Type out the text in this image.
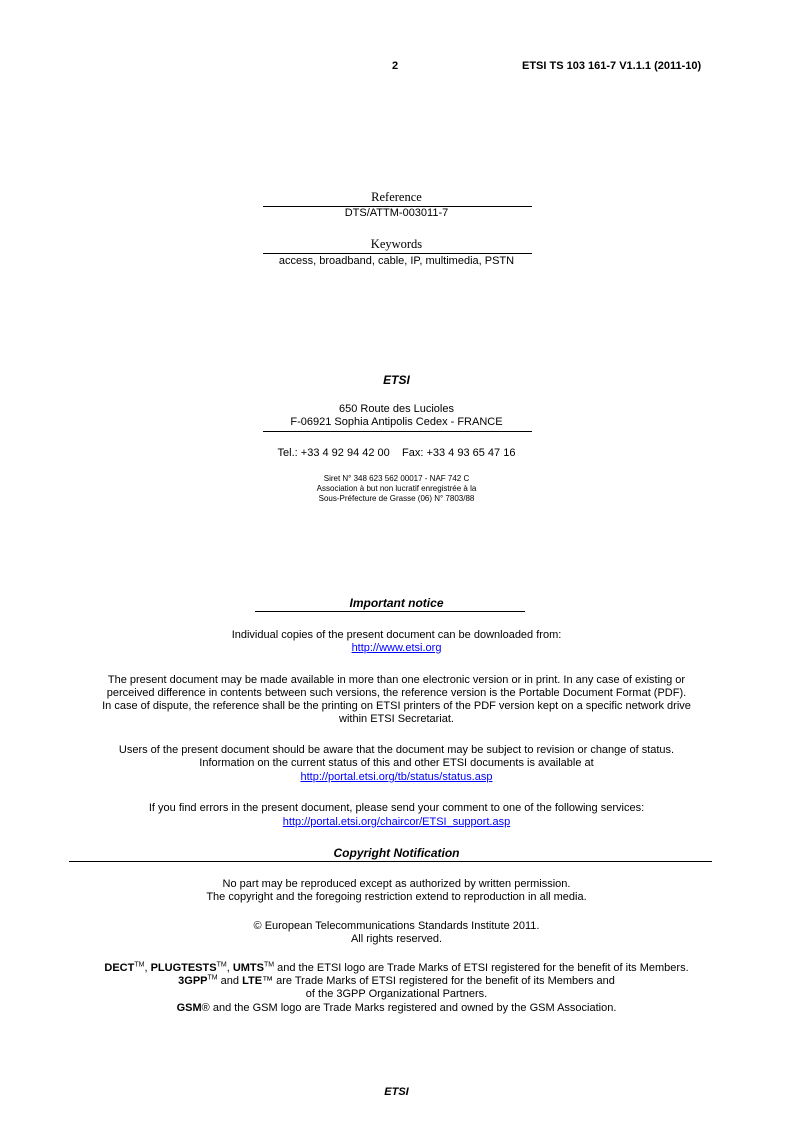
2	ETSI TS 103 161-7 V1.1.1 (2011-10)
Reference
DTS/ATTM-003011-7
Keywords
access, broadband, cable, IP, multimedia, PSTN
ETSI
650 Route des Lucioles
F-06921 Sophia Antipolis Cedex - FRANCE
Tel.: +33 4 92 94 42 00    Fax: +33 4 93 65 47 16
Siret N° 348 623 562 00017 - NAF 742 C
Association à but non lucratif enregistrée à la
Sous-Préfecture de Grasse (06) N° 7803/88
Important notice
Individual copies of the present document can be downloaded from:
http://www.etsi.org
The present document may be made available in more than one electronic version or in print. In any case of existing or
perceived difference in contents between such versions, the reference version is the Portable Document Format (PDF).
In case of dispute, the reference shall be the printing on ETSI printers of the PDF version kept on a specific network drive
within ETSI Secretariat.
Users of the present document should be aware that the document may be subject to revision or change of status.
Information on the current status of this and other ETSI documents is available at
http://portal.etsi.org/tb/status/status.asp
If you find errors in the present document, please send your comment to one of the following services:
http://portal.etsi.org/chaircor/ETSI_support.asp
Copyright Notification
No part may be reproduced except as authorized by written permission.
The copyright and the foregoing restriction extend to reproduction in all media.
© European Telecommunications Standards Institute 2011.
All rights reserved.
DECT™, PLUGTESTS™, UMTS™ and the ETSI logo are Trade Marks of ETSI registered for the benefit of its Members.
3GPP™ and LTE™ are Trade Marks of ETSI registered for the benefit of its Members and
of the 3GPP Organizational Partners.
GSM® and the GSM logo are Trade Marks registered and owned by the GSM Association.
ETSI
